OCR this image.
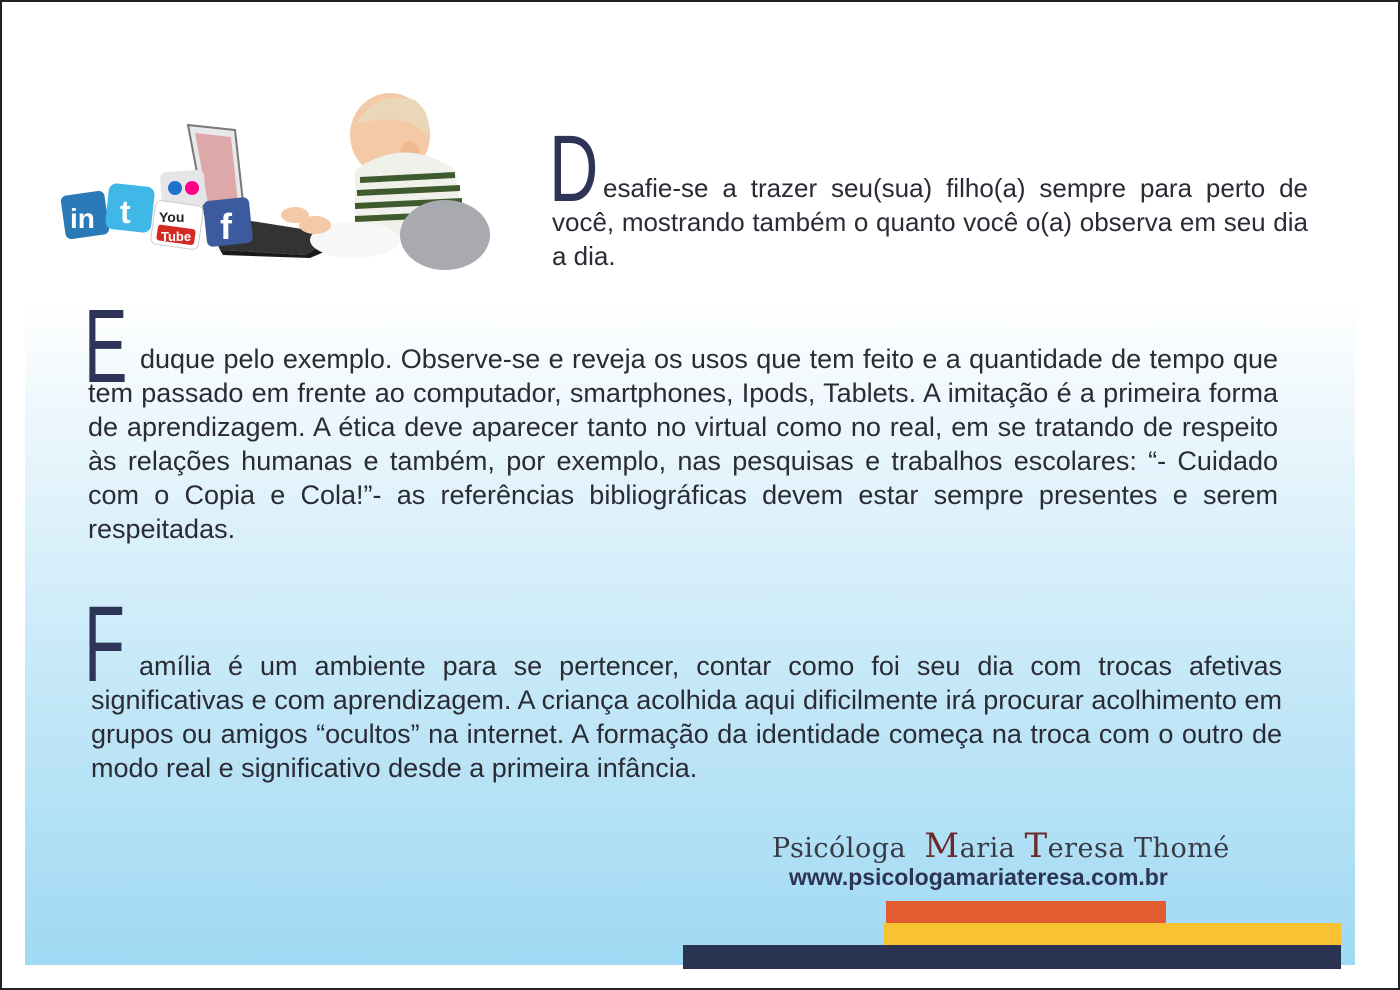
in t You
Tube f
D esafie-se a trazer seu(sua) filho(a) sempre para perto de você, mostrando também o quanto você o(a) observa em seu dia a dia.
E duque pelo exemplo. Observe-se e reveja os usos que tem feito e a quantidade de tempo que tem passado em frente ao computador, smartphones, Ipods, Tablets. A imitação é a primeira forma de aprendizagem. A ética deve aparecer tanto no virtual como no real, em se tratando de respeito às relações humanas e também, por exemplo, nas pesquisas e trabalhos escolares: “- Cuidado com o Copia e Cola!”- as referências bibliográficas devem estar sempre presentes e serem respeitadas.
F amília é um ambiente para se pertencer, contar como foi seu dia com trocas afetivas significativas e com aprendizagem. A criança acolhida aqui dificilmente irá procurar acolhimento em grupos ou amigos “ocultos” na internet. A formação da identidade começa na troca com o outro de modo real e significativo desde a primeira infância.
Psicóloga Maria Teresa Thomé
www.psicologamariateresa.com.br
